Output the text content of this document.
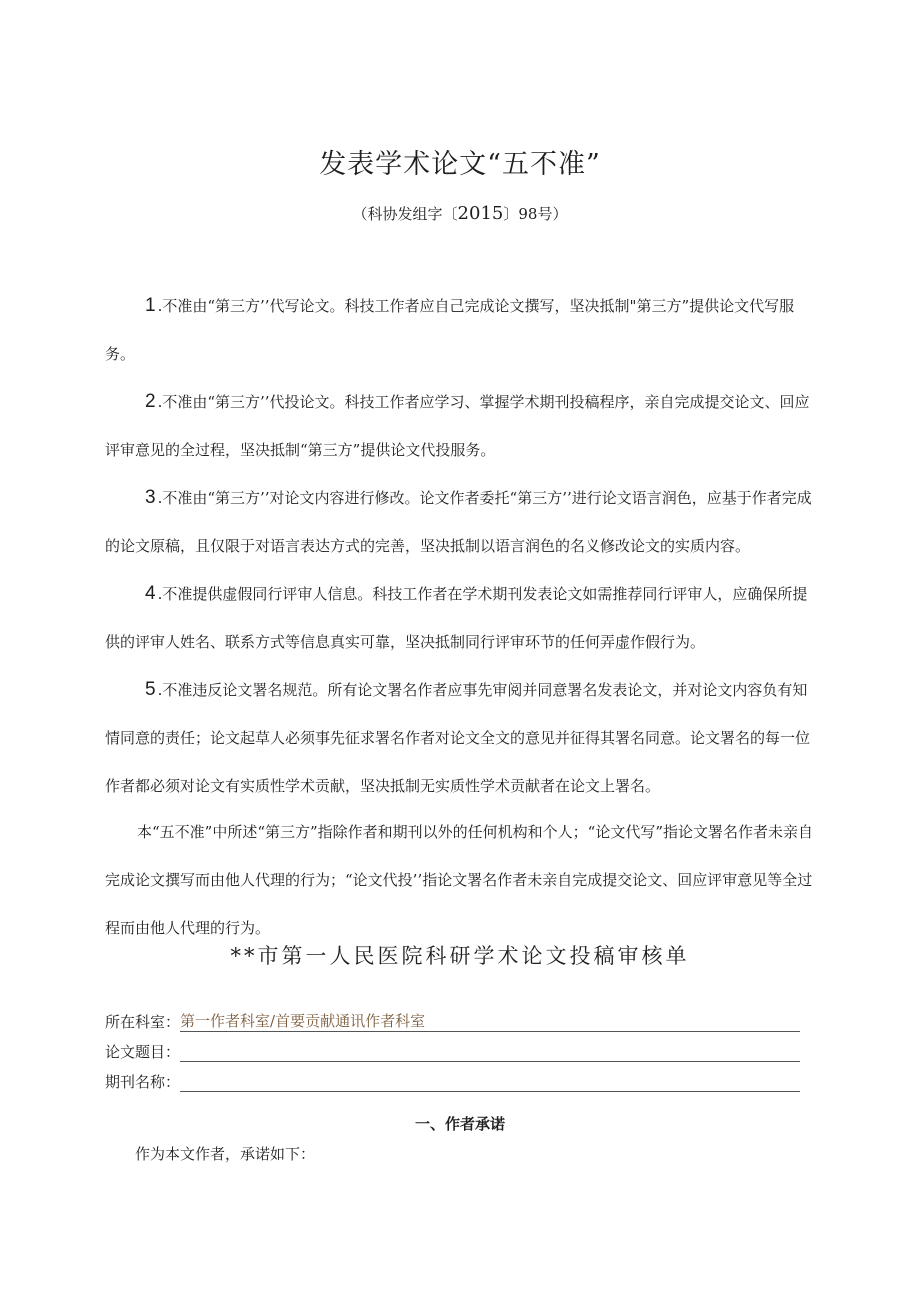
发表学术论文“五不准”
（科协发组字〔2015〕98号）

1 .不准由“第三方’’代写论文。科技工作者应自己完成论文撰写，坚决抵制"第三方”提供论文代写服务。

2 .不准由“第三方’’代投论文。科技工作者应学习、掌握学术期刊投稿程序，亲自完成提交论文、回应评审意见的全过程，坚决抵制“第三方”提供论文代投服务。

3 .不准由“第三方’’对论文内容进行修改。论文作者委托“第三方’’进行论文语言润色，应基于作者完成的论文原稿，且仅限于对语言表达方式的完善，坚决抵制以语言润色的名义修改论文的实质内容。

4 .不准提供虚假同行评审人信息。科技工作者在学术期刊发表论文如需推荐同行评审人，应确保所提供的评审人姓名、联系方式等信息真实可靠，坚决抵制同行评审环节的任何弄虚作假行为。

5 .不准违反论文署名规范。所有论文署名作者应事先审阅并同意署名发表论文，并对论文内容负有知情同意的责任；论文起草人必须事先征求署名作者对论文全文的意见并征得其署名同意。论文署名的每一位作者都必须对论文有实质性学术贡献，坚决抵制无实质性学术贡献者在论文上署名。

本“五不准”中所述“第三方”指除作者和期刊以外的任何机构和个人；“论文代写”指论文署名作者未亲自完成论文撰写而由他人代理的行为；“论文代投’’指论文署名作者未亲自完成提交论文、回应评审意见等全过程而由他人代理的行为。

**市第一人民医院科研学术论文投稿审核单
所在科室： 第一作者科室/首要贡献通讯作者科室
论文题目：
期刊名称：
一、作者承诺
作为本文作者，承诺如下：
